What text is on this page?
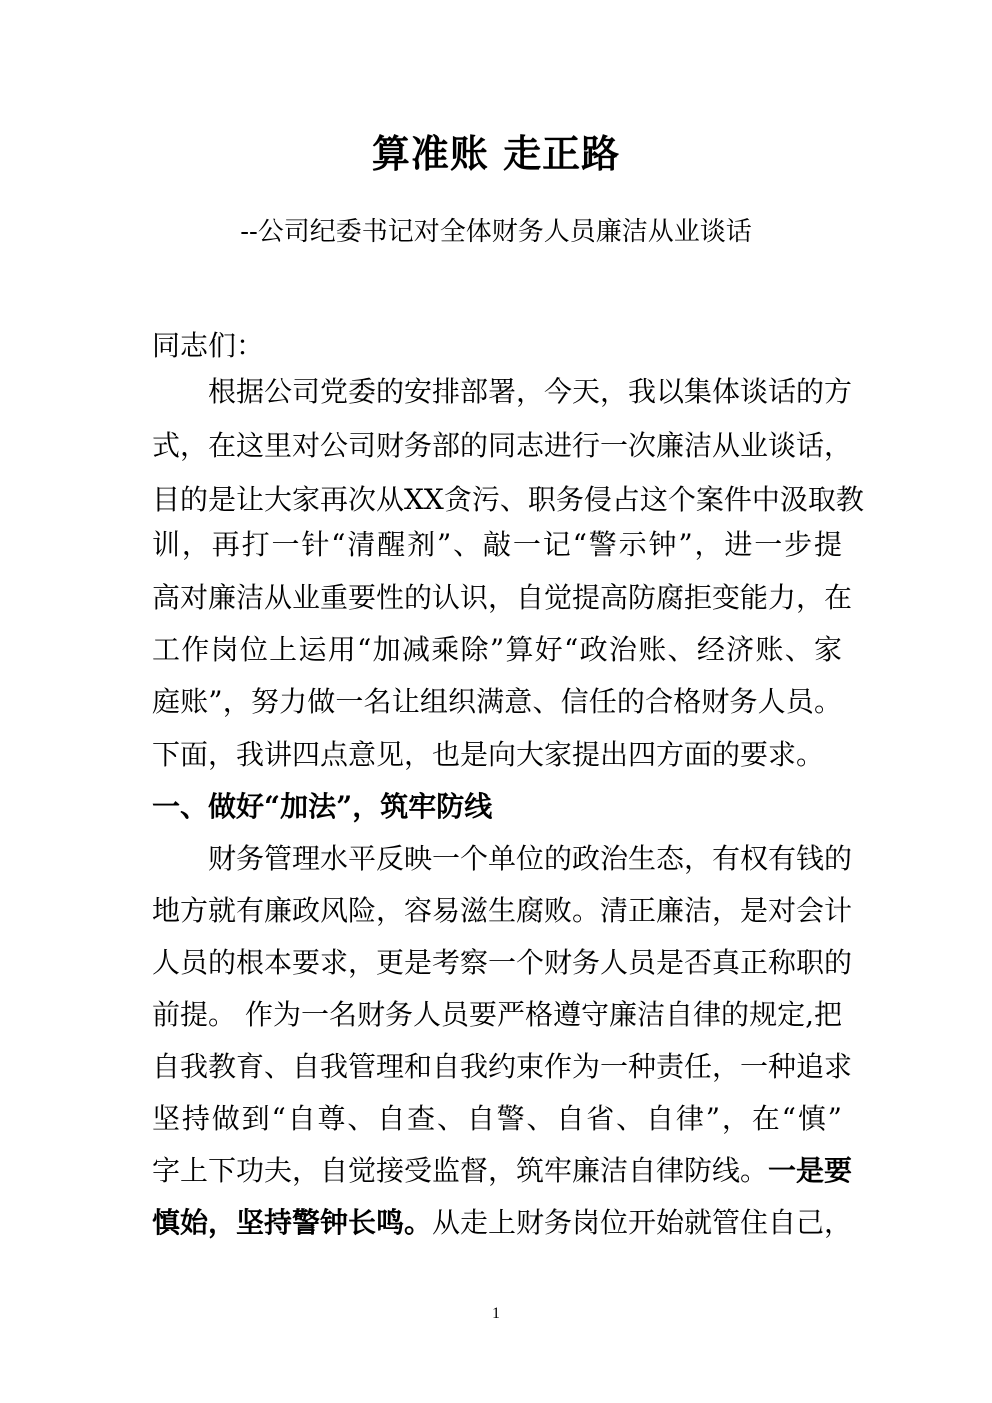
算准账 走正路
--公司纪委书记对全体财务人员廉洁从业谈话
同志们：
根据公司党委的安排部署，今天，我以集体谈话的方
式，在这里对公司财务部的同志进行一次廉洁从业谈话，
目的是让大家再次从XX贪污、职务侵占这个案件中汲取教
训，再打一针“清醒剂”、敲一记“警示钟”，进一步提
高对廉洁从业重要性的认识，自觉提高防腐拒变能力，在
工作岗位上运用“加减乘除”算好“政治账、经济账、家
庭账”，努力做一名让组织满意、信任的合格财务人员。
下面，我讲四点意见，也是向大家提出四方面的要求。
一、做好“加法”，筑牢防线
财务管理水平反映一个单位的政治生态，有权有钱的
地方就有廉政风险，容易滋生腐败。清正廉洁，是对会计
人员的根本要求，更是考察一个财务人员是否真正称职的
前提。 作为一名财务人员要严格遵守廉洁自律的规定,把
自我教育、自我管理和自我约束作为一种责任，一种追求
坚持做到“自尊、自查、自警、自省、自律”，在“慎”
字上下功夫，自觉接受监督，筑牢廉洁自律防线。一是要
慎始，坚持警钟长鸣。从走上财务岗位开始就管住自己，
1
